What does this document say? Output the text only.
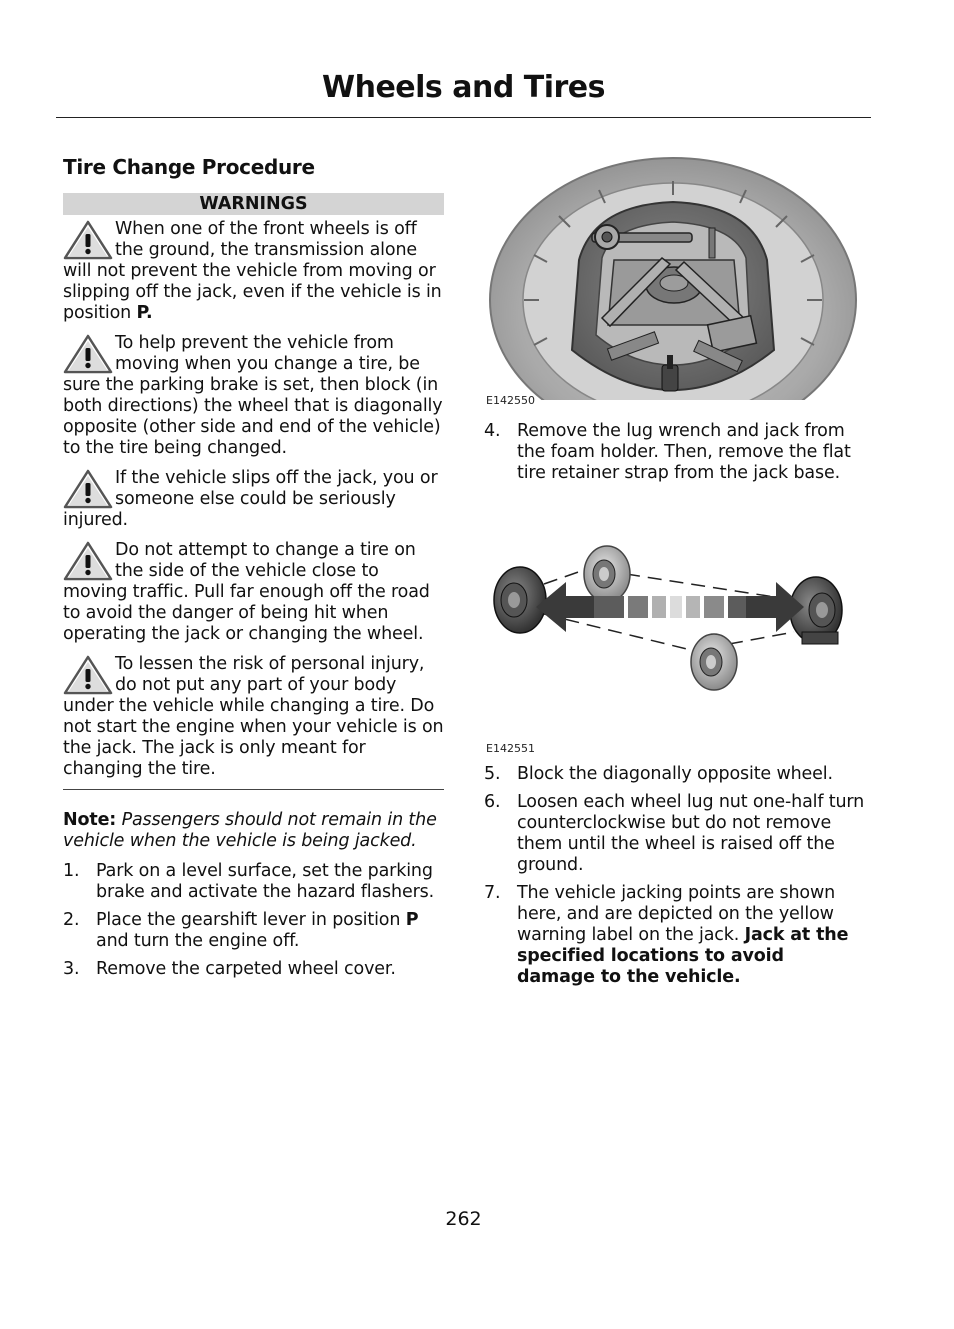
Wheels and Tires
Tire Change Procedure
WARNINGS
When one of the front wheels is off the ground, the transmission alone will not prevent the vehicle from moving or slipping off the jack, even if the vehicle is in position P.
To help prevent the vehicle from moving when you change a tire, be sure the parking brake is set, then block (in both directions) the wheel that is diagonally opposite (other side and end of the vehicle) to the tire being changed.
If the vehicle slips off the jack, you or someone else could be seriously injured.
Do not attempt to change a tire on the side of the vehicle close to moving traffic. Pull far enough off the road to avoid the danger of being hit when operating the jack or changing the wheel.
To lessen the risk of personal injury, do not put any part of your body under the vehicle while changing a tire. Do not start the engine when your vehicle is on the jack. The jack is only meant for changing the tire.
Note: Passengers should not remain in the vehicle when the vehicle is being jacked.
1. Park on a level surface, set the parking brake and activate the hazard flashers.
2. Place the gearshift lever in position P and turn the engine off.
3. Remove the carpeted wheel cover.
E142550
4. Remove the lug wrench and jack from the foam holder. Then, remove the flat tire retainer strap from the jack base.
E142551
5. Block the diagonally opposite wheel.
6. Loosen each wheel lug nut one-half turn counterclockwise but do not remove them until the wheel is raised off the ground.
7. The vehicle jacking points are shown here, and are depicted on the yellow warning label on the jack. Jack at the specified locations to avoid damage to the vehicle.
262
